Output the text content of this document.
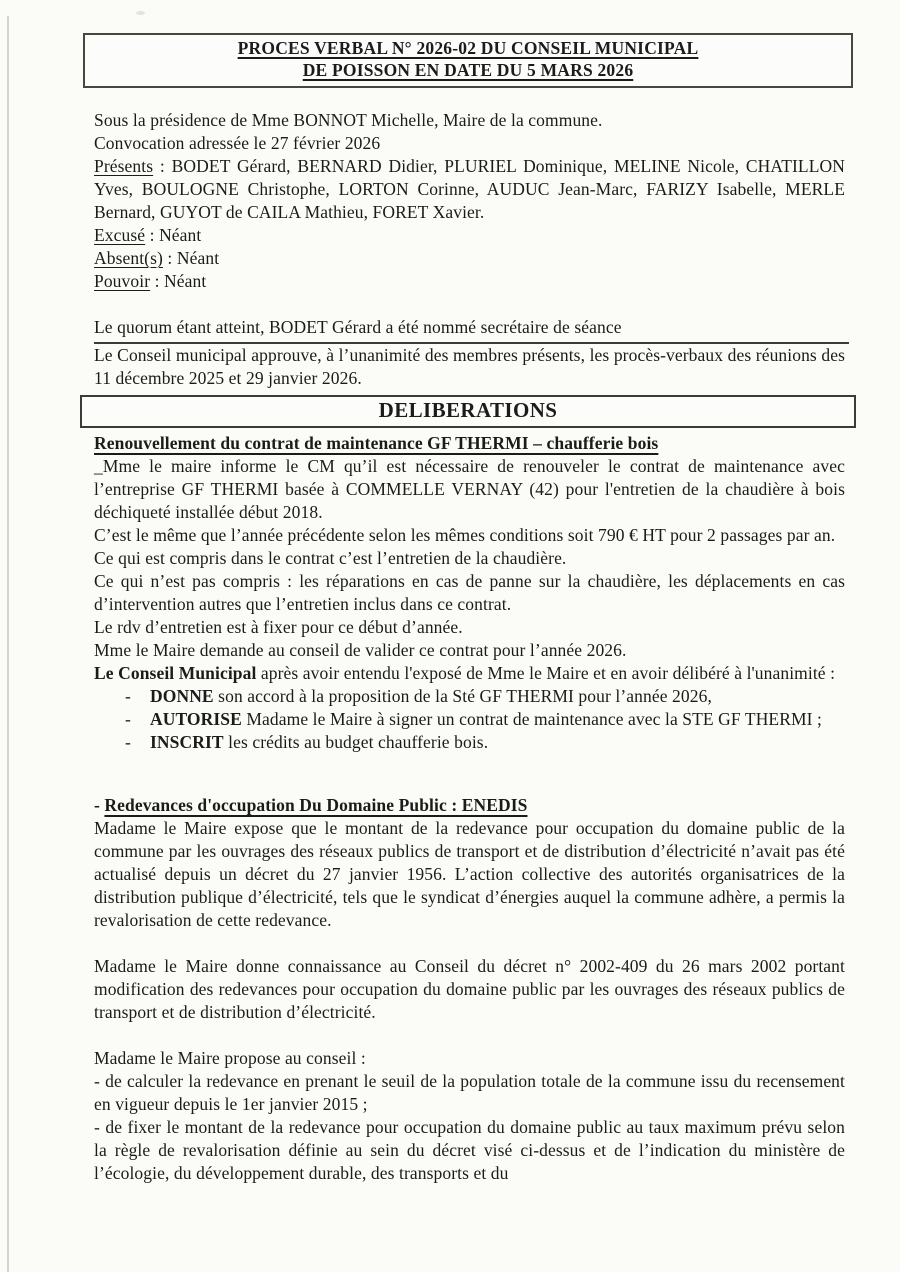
PROCES VERBAL N° 2026-02 DU CONSEIL MUNICIPAL
DE POISSON EN DATE DU 5 MARS 2026

Sous la présidence de Mme BONNOT Michelle, Maire de la commune.

Convocation adressée le 27 février 2026

Présents : BODET Gérard, BERNARD Didier, PLURIEL Dominique, MELINE Nicole, CHATILLON Yves, BOULOGNE Christophe, LORTON Corinne, AUDUC Jean-Marc, FARIZY Isabelle, MERLE Bernard, GUYOT de CAILA Mathieu, FORET Xavier.

Excusé : Néant

Absent(s) : Néant

Pouvoir : Néant

Le quorum étant atteint, BODET Gérard a été nommé secrétaire de séance

Le Conseil municipal approuve, à l’unanimité des membres présents, les procès-verbaux des réunions des 11 décembre 2025 et 29 janvier 2026.

DELIBERATIONS

Renouvellement du contrat de maintenance GF THERMI – chaufferie bois

_Mme le maire informe le CM qu’il est nécessaire de renouveler le contrat de maintenance avec l’entreprise GF THERMI basée à COMMELLE VERNAY (42) pour l'entretien de la chaudière à bois déchiqueté installée début 2018.

C’est le même que l’année précédente selon les mêmes conditions soit 790 € HT pour 2 passages par an.

Ce qui est compris dans le contrat c’est l’entretien de la chaudière.

Ce qui n’est pas compris : les réparations en cas de panne sur la chaudière, les déplacements en cas d’intervention autres que l’entretien inclus dans ce contrat.

Le rdv d’entretien est à fixer pour ce début d’année.

Mme le Maire demande au conseil de valider ce contrat pour l’année 2026.

Le Conseil Municipal après avoir entendu l'exposé de Mme le Maire et en avoir délibéré à l'unanimité :

- DONNE son accord à la proposition de la Sté GF THERMI pour l’année 2026,
- AUTORISE Madame le Maire à signer un contrat de maintenance avec la STE GF THERMI ;
- INSCRIT les crédits au budget chaufferie bois.

- Redevances d'occupation Du Domaine Public : ENEDIS

Madame le Maire expose que le montant de la redevance pour occupation du domaine public de la commune par les ouvrages des réseaux publics de transport et de distribution d’électricité n’avait pas été actualisé depuis un décret du 27 janvier 1956. L’action collective des autorités organisatrices de la distribution publique d’électricité, tels que le syndicat d’énergies auquel la commune adhère, a permis la revalorisation de cette redevance.

Madame le Maire donne connaissance au Conseil du décret n° 2002-409 du 26 mars 2002 portant modification des redevances pour occupation du domaine public par les ouvrages des réseaux publics de transport et de distribution d’électricité.

Madame le Maire propose au conseil :

- de calculer la redevance en prenant le seuil de la population totale de la commune issu du recensement en vigueur depuis le 1er janvier 2015 ;

- de fixer le montant de la redevance pour occupation du domaine public au taux maximum prévu selon la règle de revalorisation définie au sein du décret visé ci-dessus et de l’indication du ministère de l’écologie, du développement durable, des transports et du
